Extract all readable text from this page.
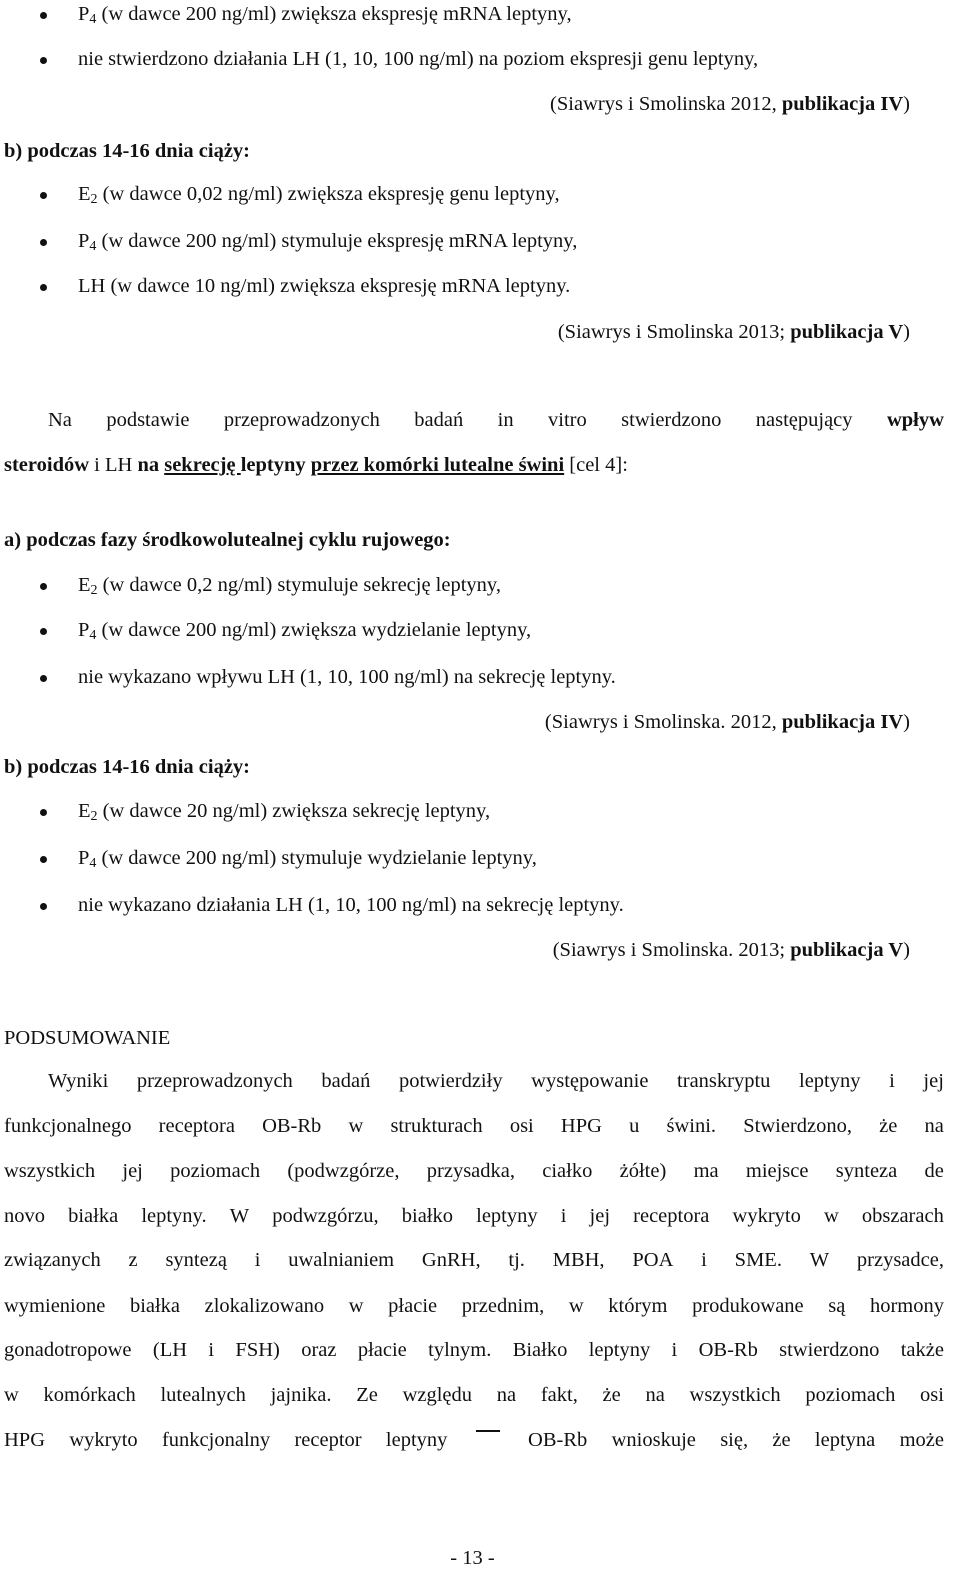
$P_4$ (w dawce 200 ng/ml) zwiększa ekspresję mRNA leptyny,
nie stwierdzono działania LH (1, 10, 100 ng/ml) na poziom ekspresji genu leptyny,
(Siawrys i Smolinska 2012, publikacja IV)
b) podczas 14-16 dnia ciąży:
$E_2$ (w dawce 0,02 ng/ml) zwiększa ekspresję genu leptyny,
$P_4$ (w dawce 200 ng/ml) stymuluje ekspresję mRNA leptyny,
LH (w dawce 10 ng/ml) zwiększa ekspresję mRNA leptyny.
(Siawrys i Smolinska 2013; publikacja V)
Na podstawie przeprowadzonych badań in vitro stwierdzono następujący wpływ
steroidów i LH na sekrecję leptyny przez komórki lutealne świni [cel 4]:
a) podczas fazy środkowolutealnej cyklu rujowego:
$E_2$ (w dawce 0,2 ng/ml) stymuluje sekrecję leptyny,
$P_4$ (w dawce 200 ng/ml) zwiększa wydzielanie leptyny,
nie wykazano wpływu LH (1, 10, 100 ng/ml) na sekrecję leptyny.
(Siawrys i Smolinska. 2012, publikacja IV)
b) podczas 14-16 dnia ciąży:
$E_2$ (w dawce 20 ng/ml) zwiększa sekrecję leptyny,
$P_4$ (w dawce 200 ng/ml) stymuluje wydzielanie leptyny,
nie wykazano działania LH (1, 10, 100 ng/ml) na sekrecję leptyny.
(Siawrys i Smolinska. 2013; publikacja V)
PODSUMOWANIE
Wyniki przeprowadzonych badań potwierdziły występowanie transkryptu leptyny i jej
funkcjonalnego receptora OB-Rb w strukturach osi HPG u świni. Stwierdzono, że na
wszystkich jej poziomach (podwzgórze, przysadka, ciałko żółte) ma miejsce synteza de
novo białka leptyny. W podwzgórzu, białko leptyny i jej receptora wykryto w obszarach
związanych z syntezą i uwalnianiem GnRH, tj. MBH, POA i SME. W przysadce,
wymienione białka zlokalizowano w płacie przednim, w którym produkowane są hormony
gonadotropowe (LH i FSH) oraz płacie tylnym. Białko leptyny i OB-Rb stwierdzono także
w komórkach lutealnych jajnika. Ze względu na fakt, że na wszystkich poziomach osi
HPG wykryto funkcjonalny receptor leptyny	OB-Rb wnioskuje się, że leptyna może
- 13 -
